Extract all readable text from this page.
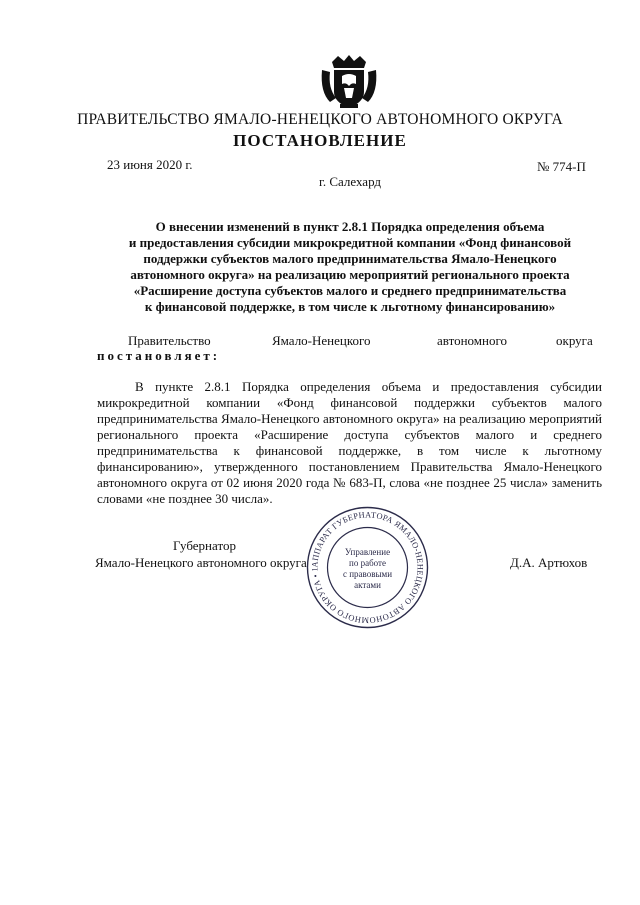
ПРАВИТЕЛЬСТВО ЯМАЛО-НЕНЕЦКОГО АВТОНОМНОГО ОКРУГА
ПОСТАНОВЛЕНИЕ
23 июня 2020 г.	№ 774-П
г. Салехард
О внесении изменений в пункт 2.8.1 Порядка определения объема
и предоставления субсидии микрокредитной компании «Фонд финансовой
поддержки субъектов малого предпринимательства Ямало-Ненецкого
автономного округа» на реализацию мероприятий регионального проекта
«Расширение доступа субъектов малого и среднего предпринимательства
к финансовой поддержке, в том числе к льготному финансированию»
Правительство	Ямало-Ненецкого	автономного	округа
постановляет:

В пункте 2.8.1 Порядка определения объема и предоставления субсидии микрокредитной компании «Фонд финансовой поддержки субъектов малого предпринимательства Ямало-Ненецкого автономного округа» на реализацию мероприятий регионального проекта «Расширение доступа субъектов малого и среднего предпринимательства к финансовой поддержке, в том числе к льготному финансированию», утвержденного постановлением Правительства Ямало-Ненецкого автономного округа от 02 июня 2020 года № 683-П, слова «не позднее 25 числа» заменить словами «не позднее 30 числа».

Губернатор
Ямало-Ненецкого автономного округа	Д.А. Артюхов
АППАРАТ ГУБЕРНАТОРА ЯМАЛО-НЕНЕЦКОГО АВТОНОМНОГО ОКРУГА • 1
Управление
по работе
с правовыми
актами
